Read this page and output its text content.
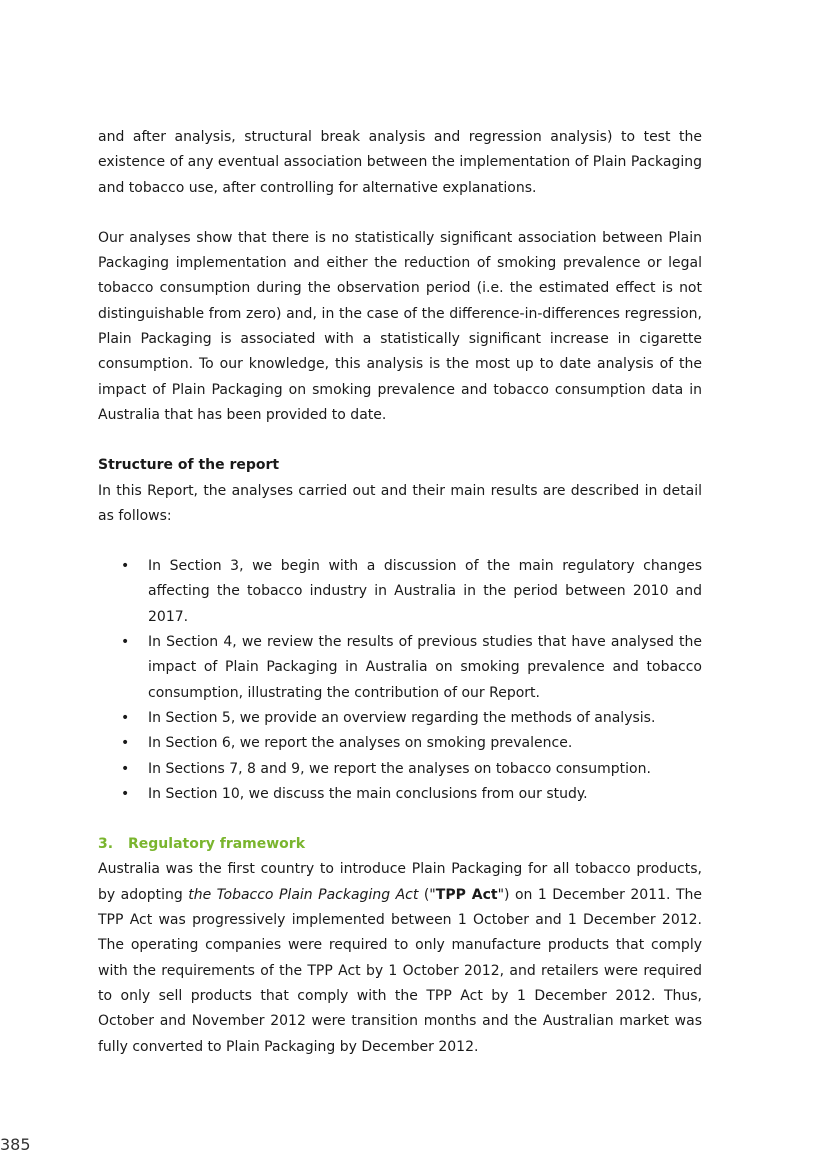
and after analysis, structural break analysis and regression analysis) to test the existence of any eventual association between the implementation of Plain Packaging and tobacco use, after controlling for alternative explanations.

Our analyses show that there is no statistically significant association between Plain Packaging implementation and either the reduction of smoking prevalence or legal tobacco consumption during the observation period (i.e. the estimated effect is not distinguishable from zero) and, in the case of the difference-in-differences regression, Plain Packaging is associated with a statistically significant increase in cigarette consumption. To our knowledge, this analysis is the most up to date analysis of the impact of Plain Packaging on smoking prevalence and tobacco consumption data in Australia that has been provided to date.

Structure of the report

In this Report, the analyses carried out and their main results are described in detail as follows:

• In Section 3, we begin with a discussion of the main regulatory changes affecting the tobacco industry in Australia in the period between 2010 and 2017.
• In Section 4, we review the results of previous studies that have analysed the impact of Plain Packaging in Australia on smoking prevalence and tobacco consumption, illustrating the contribution of our Report.
• In Section 5, we provide an overview regarding the methods of analysis.
• In Section 6, we report the analyses on smoking prevalence.
• In Sections 7, 8 and 9, we report the analyses on tobacco consumption.
• In Section 10, we discuss the main conclusions from our study.

3. Regulatory framework

Australia was the first country to introduce Plain Packaging for all tobacco products, by adopting the Tobacco Plain Packaging Act ("TPP Act") on 1 December 2011. The TPP Act was progressively implemented between 1 October and 1 December 2012. The operating companies were required to only manufacture products that comply with the requirements of the TPP Act by 1 October 2012, and retailers were required to only sell products that comply with the TPP Act by 1 December 2012. Thus, October and November 2012 were transition months and the Australian market was fully converted to Plain Packaging by December 2012.

385
